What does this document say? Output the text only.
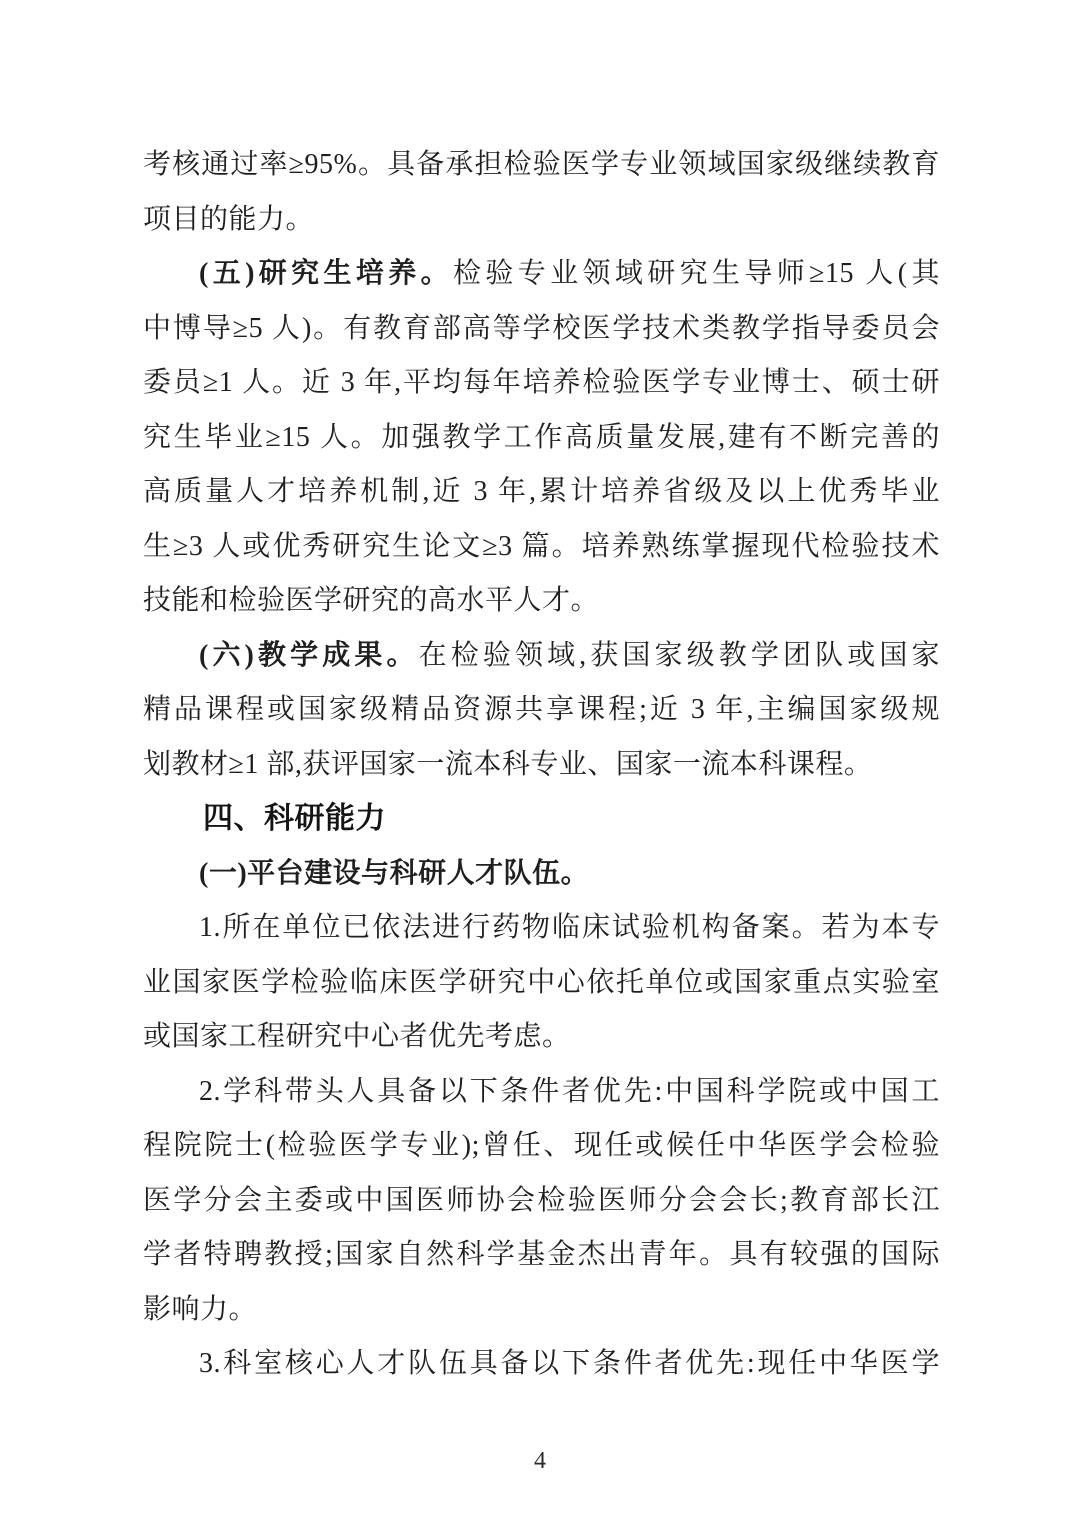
考核通过率≥95%。具备承担检验医学专业领域国家级继续教育
项目的能力。
(五)研究生培养。检验专业领域研究生导师≥15 人(其
中博导≥5 人)。有教育部高等学校医学技术类教学指导委员会
委员≥1 人。近 3 年,平均每年培养检验医学专业博士、硕士研
究生毕业≥15 人。加强教学工作高质量发展,建有不断完善的
高质量人才培养机制,近 3 年,累计培养省级及以上优秀毕业
生≥3 人或优秀研究生论文≥3 篇。培养熟练掌握现代检验技术
技能和检验医学研究的高水平人才。
(六)教学成果。在检验领域,获国家级教学团队或国家
精品课程或国家级精品资源共享课程;近 3 年,主编国家级规
划教材≥1 部,获评国家一流本科专业、国家一流本科课程。
四、科研能力
(一)平台建设与科研人才队伍。
1.所在单位已依法进行药物临床试验机构备案。若为本专
业国家医学检验临床医学研究中心依托单位或国家重点实验室
或国家工程研究中心者优先考虑。
2.学科带头人具备以下条件者优先:中国科学院或中国工
程院院士(检验医学专业);曾任、现任或候任中华医学会检验
医学分会主委或中国医师协会检验医师分会会长;教育部长江
学者特聘教授;国家自然科学基金杰出青年。具有较强的国际
影响力。
3.科室核心人才队伍具备以下条件者优先:现任中华医学
4
